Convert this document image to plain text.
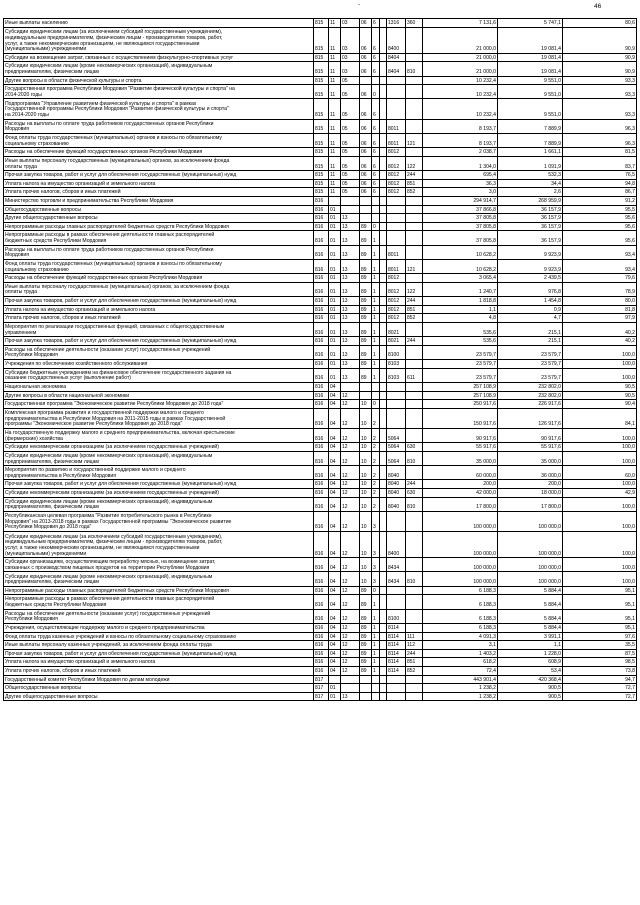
-	46
Иные выплаты населению	815	11	03	06	6		1316	360	7 131,6	5 747,1	80,6
Субсидии юридическим лицам (за исключением субсидий государственным учреждениям),
индивидуальным предпринимателям, физическим лицам - производителям товаров, работ,
услуг, а также некоммерческим организациям, не являющимся государственными
(муниципальными) учреждениями	815	11	03	06	6		8400		21 000,0	19 081,4	90,9
Субсидии на возмещение затрат, связанных с осуществлением физкультурно-спортивных услуг	815	11	03	06	6		8404		21 000,0	19 081,4	90,9
Субсидии юридическим лицам (кроме некоммерческих организаций), индивидуальным
предпринимателям, физическим лицам	815	11	03	06	6		8404	810	21 000,0	19 081,4	90,9
Другие вопросы в области физической культуры и спорта	815	11	05						10 232,4	9 551,0	93,3
Государственная программа Республики Мордовия "Развитие физической культуры и спорта" на
2014-2020 годы	815	11	05	06	0				10 232,4	9 551,0	93,3
Подпрограмма "Управление развитием физической культуры и спорта" в рамках
Государственной программы Республики Мордовия "Развитие физической культуры и спорта"
на 2014-2020 годы	815	11	05	06	6				10 232,4	9 551,0	93,3
Расходы на выплаты по оплате труда работников государственных органов Республики
Мордовия	815	11	05	06	6		8011		8 193,7	7 889,9	96,3
Фонд оплаты труда государственных (муниципальных) органов и взносы по обязательному
социальному страхованию	815	11	05	06	6		8011	121	8 193,7	7 889,9	96,3
Расходы на обеспечение функций государственных органов Республики Мордовия	815	11	05	06	6		8012		2 038,7	1 661,1	81,5
Иные выплаты персоналу государственных (муниципальных) органов, за исключением фонда
оплаты труда	815	11	05	06	6		8012	122	1 304,0	1 091,9	83,7
Прочая закупка товаров, работ и услуг для обеспечения государственных (муниципальных) нужд	815	11	05	06	6		8012	244	695,4	532,3	76,5
Уплата налога на имущество организаций и земельного налога	815	11	05	06	6		8012	851	36,3	34,4	94,8
Уплата прочих налогов, сборов и иных платежей	815	11	05	06	6		8012	852	3,0	2,6	86,7
Министерство торговли и предпринимательства Республики Мордовия	816								294 914,7	268 959,9	91,2
Общегосударственные вопросы	816	01							37 866,8	36 157,9	95,5
Другие общегосударственные вопросы	816	01	13						37 805,8	36 157,9	95,6
Непрограммные расходы главных распорядителей бюджетных средств Республики Мордовия	816	01	13	89	0				37 805,8	36 157,9	95,6
Непрограммные расходы в рамках обеспечения деятельности главных распорядителей
бюджетных средств Республики Мордовия	816	01	13	89	1				37 805,8	36 157,9	95,6
Расходы на выплаты по оплате труда работников государственных органов Республики
Мордовия	816	01	13	89	1		8011		10 628,2	9 923,9	93,4
Фонд оплаты труда государственных (муниципальных) органов и взносы по обязательному
социальному страхованию	816	01	13	89	1		8011	121	10 628,2	9 923,9	93,4
Расходы на обеспечение функций государственных органов Республики Мордовия	816	01	13	89	1		8012		3 065,4	2 439,5	79,6
Иные выплаты персоналу государственных (муниципальных) органов, за исключением фонда
оплаты труда	816	01	13	89	1		8012	122	1 240,7	976,8	78,9
Прочая закупка товаров, работ и услуг для обеспечения государственных (муниципальных) нужд	816	01	13	89	1		8012	244	1 818,8	1 454,8	80,0
Уплата налога на имущество организаций и земельного налога	816	01	13	89	1		8012	851	1,1	0,9	81,8
Уплата прочих налогов, сборов и иных платежей	816	01	13	89	1		8012	852	4,8	4,7	97,9
Мероприятия по реализации государственных функций, связанных с общегосударственным
управлением	816	01	13	89	1		8021		535,6	215,1	40,2
Прочая закупка товаров, работ и услуг для обеспечения государственных (муниципальных) нужд	816	01	13	89	1		8021	244	535,6	215,1	40,2
Расходы на обеспечение деятельности (оказание услуг) государственных учреждений
Республики Мордовия	816	01	13	89	1		8100		23 579,7	23 579,7	100,0
Учреждения по обеспечению хозяйственного обслуживания	816	01	13	89	1		8103		23 579,7	23 579,7	100,0
Субсидии бюджетным учреждениям на финансовое обеспечение государственного задания на
оказание государственных услуг (выполнение работ)	816	01	13	89	1		8103	611	23 579,7	23 579,7	100,0
Национальная экономика	816	04							257 108,9	232 802,0	90,5
Другие вопросы в области национальной экономики	816	04	12						257 108,9	232 802,0	90,5
Государственная программа "Экономическое развитие Республики Мордовия до 2018 года"	816	04	12	10	0				250 917,6	226 917,6	90,4
Комплексная программа развития и государственной поддержки малого и среднего
предпринимательства в Республике Мордовия на 2011-2015 годы в рамках Государственной
программы "Экономическое развитие Республики Мордовия до 2018 года"	816	04	12	10	2				150 917,6	126 917,6	84,1
На государственную поддержку малого и среднего предпринимательства, включая крестьянские
(фермерские) хозяйства	816	04	12	10	2		5064		90 917,6	90 917,6	100,0
Субсидии некоммерческим организациям (за исключением государственных учреждений)	816	04	12	10	2		5064	630	55 917,6	55 917,6	100,0
Субсидии юридическим лицам (кроме некоммерческих организаций), индивидуальным
предпринимателям, физическим лицам	816	04	12	10	2		5064	810	35 000,0	35 000,0	100,0
Мероприятия по развитию и государственной поддержке малого и среднего
предпринимательства в Республике Мордовия	816	04	12	10	2		8040		60 000,0	36 000,0	60,0
Прочая закупка товаров, работ и услуг для обеспечения государственных (муниципальных) нужд	816	04	12	10	2		8040	244	200,0	200,0	100,0
Субсидии некоммерческим организациям (за исключением государственных учреждений)	816	04	12	10	2		8040	630	42 000,0	18 000,0	42,9
Субсидии юридическим лицам (кроме некоммерческих организаций), индивидуальным
предпринимателям, физическим лицам	816	04	12	10	2		8040	810	17 800,0	17 800,0	100,0
Республиканская целевая программа "Развитие потребительского рынка в Республике
Мордовия" на 2013-2018 годы в рамках Государственной программы "Экономическое развитие
Республики Мордовия до 2018 года"	816	04	12	10	3				100 000,0	100 000,0	100,0
Субсидии юридическим лицам (за исключением субсидий государственным учреждениям),
индивидуальным предпринимателям, физическим лицам - производителям товаров, работ,
услуг, а также некоммерческим организациям, не являющимся государственными
(муниципальными) учреждениями	816	04	12	10	3		8400		100 000,0	100 000,0	100,0
Субсидии организациям, осуществляющим переработку мясных, на возмещение затрат,
связанных с производством пищевых продуктов на территории Республики Мордовия	816	04	12	10	3		8434		100 000,0	100 000,0	100,0
Субсидии юридическим лицам (кроме некоммерческих организаций), индивидуальным
предпринимателям, физическим лицам	816	04	12	10	3		8434	810	100 000,0	100 000,0	100,0
Непрограммные расходы главных распорядителей бюджетных средств Республики Мордовия	816	04	12	89	0				6 188,3	5 884,4	95,1
Непрограммные расходы в рамках обеспечения деятельности главных распорядителей
бюджетных средств Республики Мордовия	816	04	12	89	1				6 188,3	5 884,4	95,1
Расходы на обеспечение деятельности (оказание услуг) государственных учреждений
Республики Мордовия	816	04	12	89	1		8100		6 188,3	5 884,4	95,1
Учреждения, осуществляющие поддержку малого и среднего предпринимательства	816	04	12	89	1		8114		6 188,3	5 884,4	95,1
Фонд оплаты труда казенных учреждений и взносы по обязательному социальному страхованию	816	04	12	89	1		8114	111	4 091,3	3 991,1	97,6
Иные выплаты персоналу казенных учреждений, за исключением фонда оплаты труда	816	04	12	89	1		8114	112	3,1	1,1	35,5
Прочая закупка товаров, работ и услуг для обеспечения государственных (муниципальных) нужд	816	04	12	89	1		8114	244	1 403,2	1 228,0	87,5
Уплата налога на имущество организаций и земельного налога	816	04	12	89	1		8114	851	618,2	608,9	98,5
Уплата прочих налогов, сборов и иных платежей	816	04	12	89	1		8114	852	72,4	53,4	73,8
Государственный комитет Республики Мордовия по делам молодежи	817								443 901,4	420 368,4	94,7
Общегосударственные вопросы	817	01							1 238,2	900,5	72,7
Другие общегосударственные вопросы	817	01	13						1 238,2	900,5	72,7
